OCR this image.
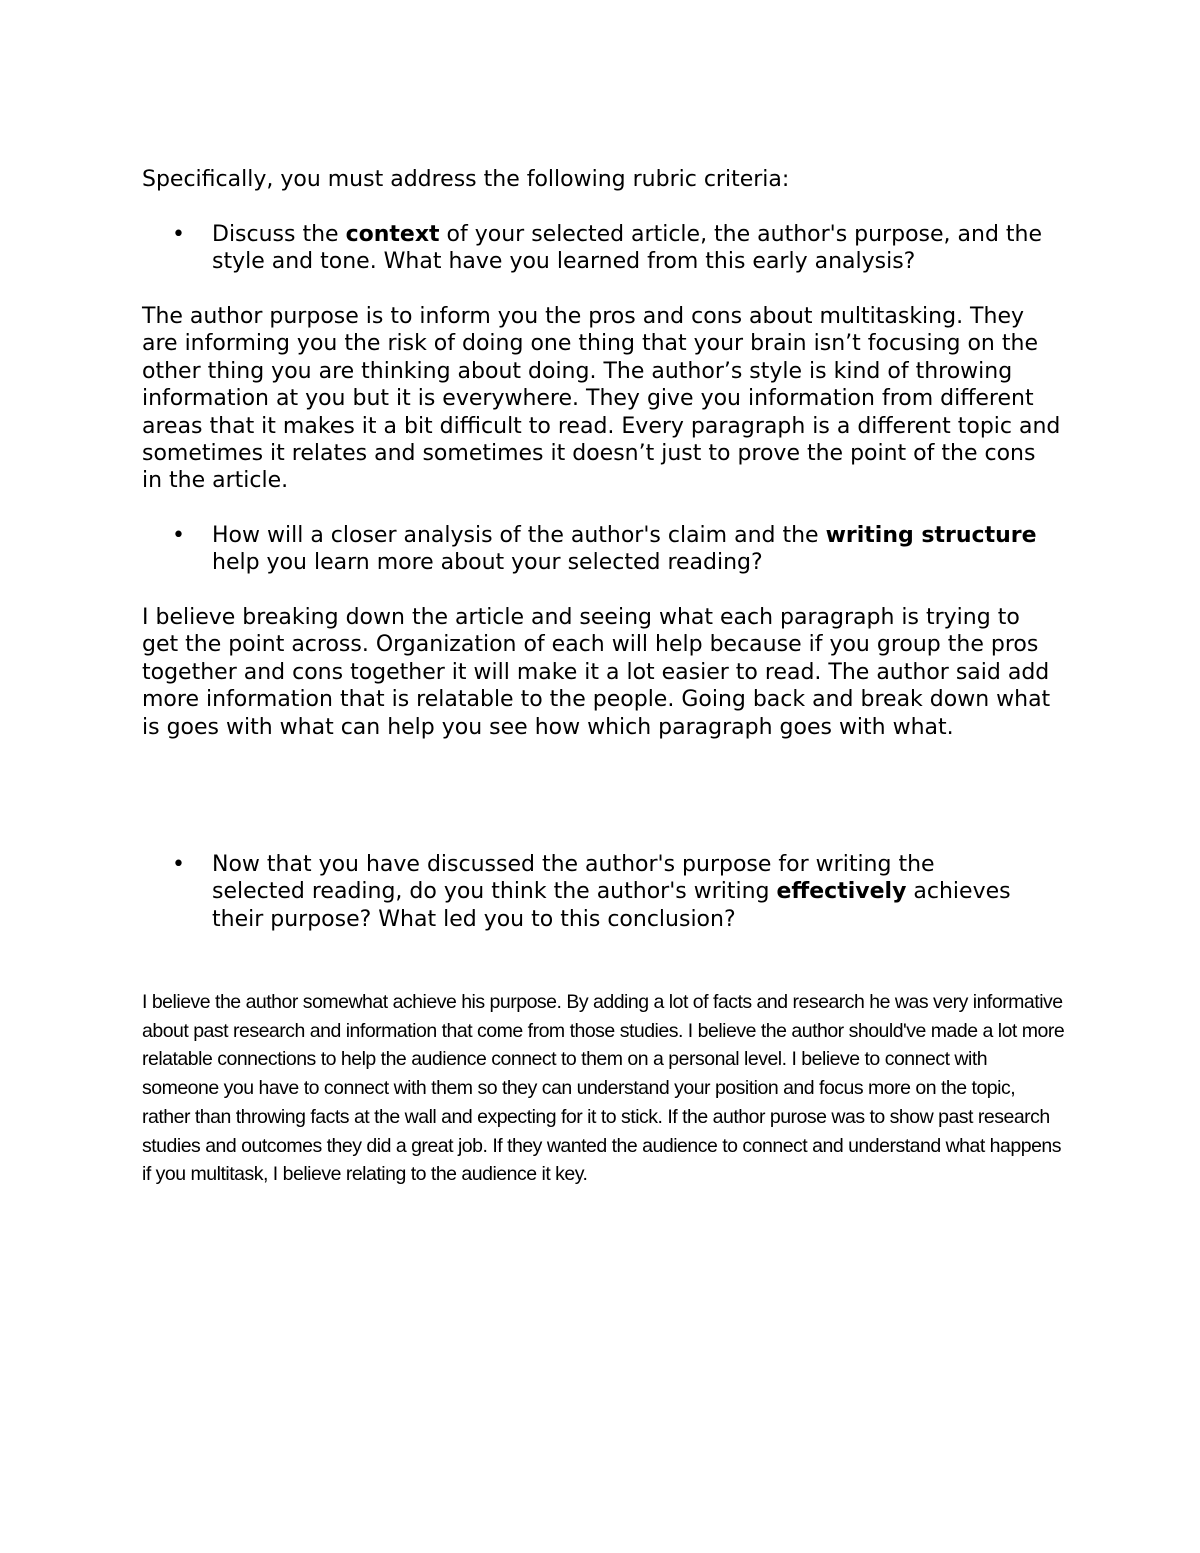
Specifically, you must address the following rubric criteria:

•	Discuss the context of your selected article, the author's purpose, and the style and tone. What have you learned from this early analysis?

The author purpose is to inform you the pros and cons about multitasking. They are informing you the risk of doing one thing that your brain isn’t focusing on the other thing you are thinking about doing. The author’s style is kind of throwing information at you but it is everywhere. They give you information from different areas that it makes it a bit difficult to read. Every paragraph is a different topic and sometimes it relates and sometimes it doesn’t just to prove the point of the cons in the article.

•	How will a closer analysis of the author's claim and the writing structure help you learn more about your selected reading?

I believe breaking down the article and seeing what each paragraph is trying to get the point across. Organization of each will help because if you group the pros together and cons together it will make it a lot easier to read. The author said add more information that is relatable to the people. Going back and break down what is goes with what can help you see how which paragraph goes with what.

•	Now that you have discussed the author's purpose for writing the selected reading, do you think the author's writing effectively achieves their purpose? What led you to this conclusion?

I believe the author somewhat achieve his purpose. By adding a lot of facts and research he was very informative about past research and information that come from those studies. I believe the author should've made a lot more relatable connections to help the audience connect to them on a personal level. I believe to connect with someone you have to connect with them so they can understand your position and focus more on the topic, rather than throwing facts at the wall and expecting for it to stick. If the author purose was to show past research studies and outcomes they did a great job. If they wanted the audience to connect and understand what happens if you multitask, I believe relating to the audience it key.
